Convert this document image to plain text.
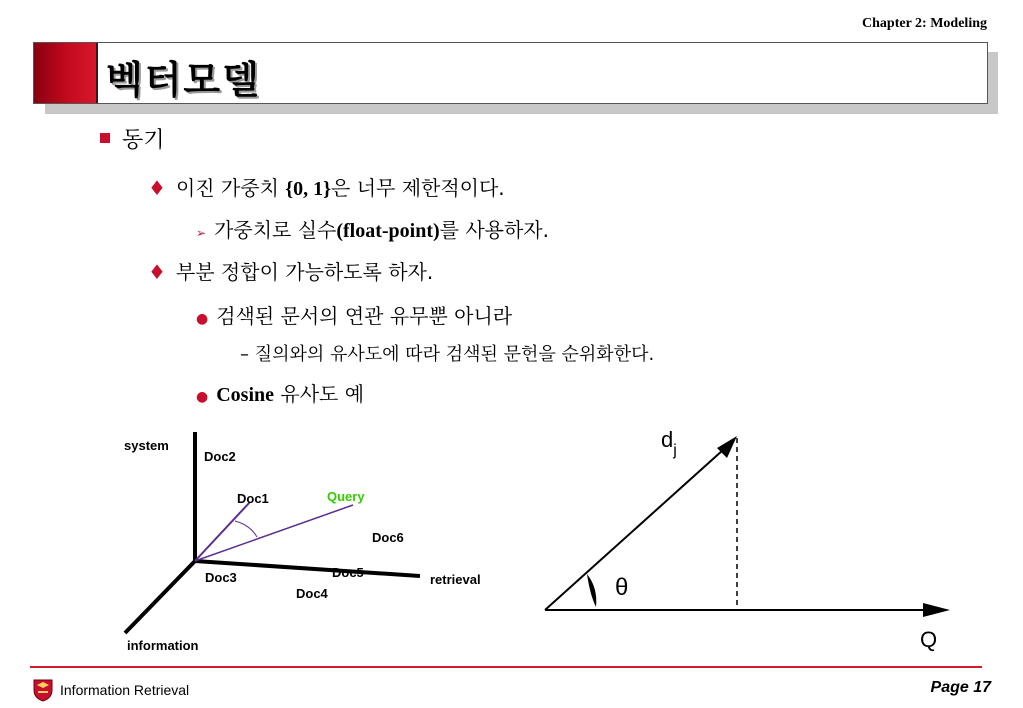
Chapter 2: Modeling
벡터모델
동기
♦ 이진 가중치 {0, 1}은 너무 제한적이다.
➢ 가중치로 실수(float-point)를 사용하자.
♦ 부분 정합이 가능하도록 하자.
● 검색된 문서의 연관 유무뿐 아니라
– 질의와의 유사도에 따라 검색된 문헌을 순위화한다.
● Cosine 유사도 예
system
Doc2
Doc1	Query
Doc6
Doc5
Doc3
Doc4
retrieval
information
$d_j$
θ
Q
Information Retrieval	Page 17
